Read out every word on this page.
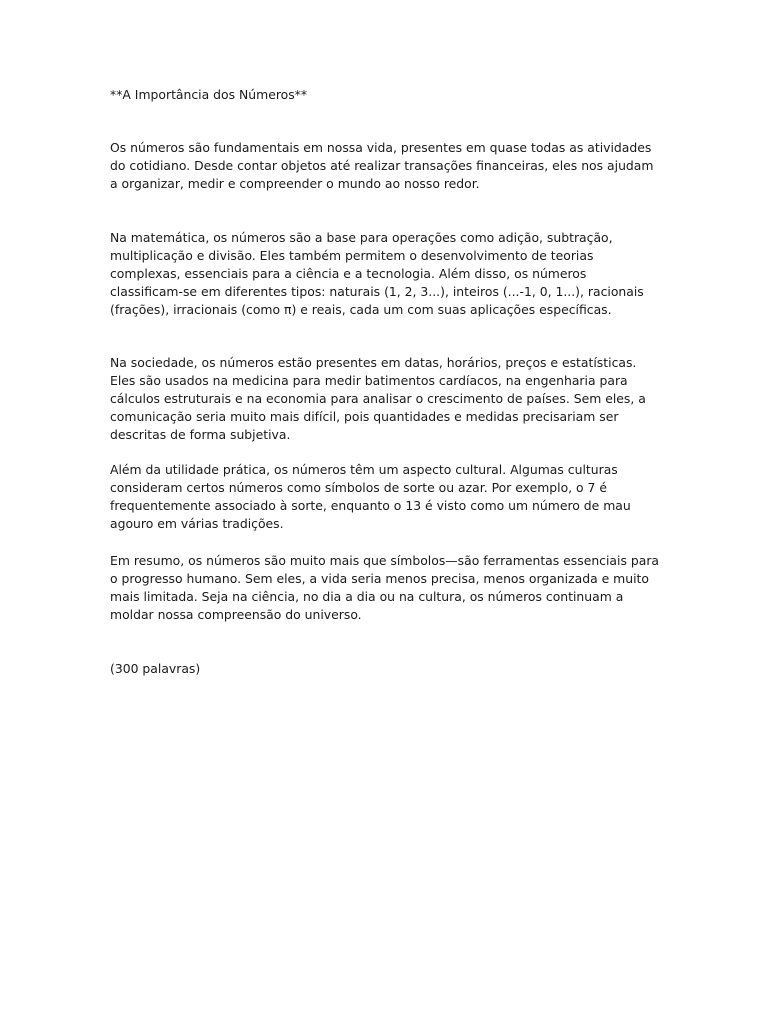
**A Importância dos Números**

Os números são fundamentais em nossa vida, presentes em quase todas as atividades do cotidiano. Desde contar objetos até realizar transações financeiras, eles nos ajudam a organizar, medir e compreender o mundo ao nosso redor.

Na matemática, os números são a base para operações como adição, subtração, multiplicação e divisão. Eles também permitem o desenvolvimento de teorias complexas, essenciais para a ciência e a tecnologia. Além disso, os números classificam-se em diferentes tipos: naturais (1, 2, 3...), inteiros (...-1, 0, 1...), racionais (frações), irracionais (como π) e reais, cada um com suas aplicações específicas.

Na sociedade, os números estão presentes em datas, horários, preços e estatísticas. Eles são usados na medicina para medir batimentos cardíacos, na engenharia para cálculos estruturais e na economia para analisar o crescimento de países. Sem eles, a comunicação seria muito mais difícil, pois quantidades e medidas precisariam ser descritas de forma subjetiva.

Além da utilidade prática, os números têm um aspecto cultural. Algumas culturas consideram certos números como símbolos de sorte ou azar. Por exemplo, o 7 é frequentemente associado à sorte, enquanto o 13 é visto como um número de mau agouro em várias tradições.

Em resumo, os números são muito mais que símbolos—são ferramentas essenciais para o progresso humano. Sem eles, a vida seria menos precisa, menos organizada e muito mais limitada. Seja na ciência, no dia a dia ou na cultura, os números continuam a moldar nossa compreensão do universo.

(300 palavras)
